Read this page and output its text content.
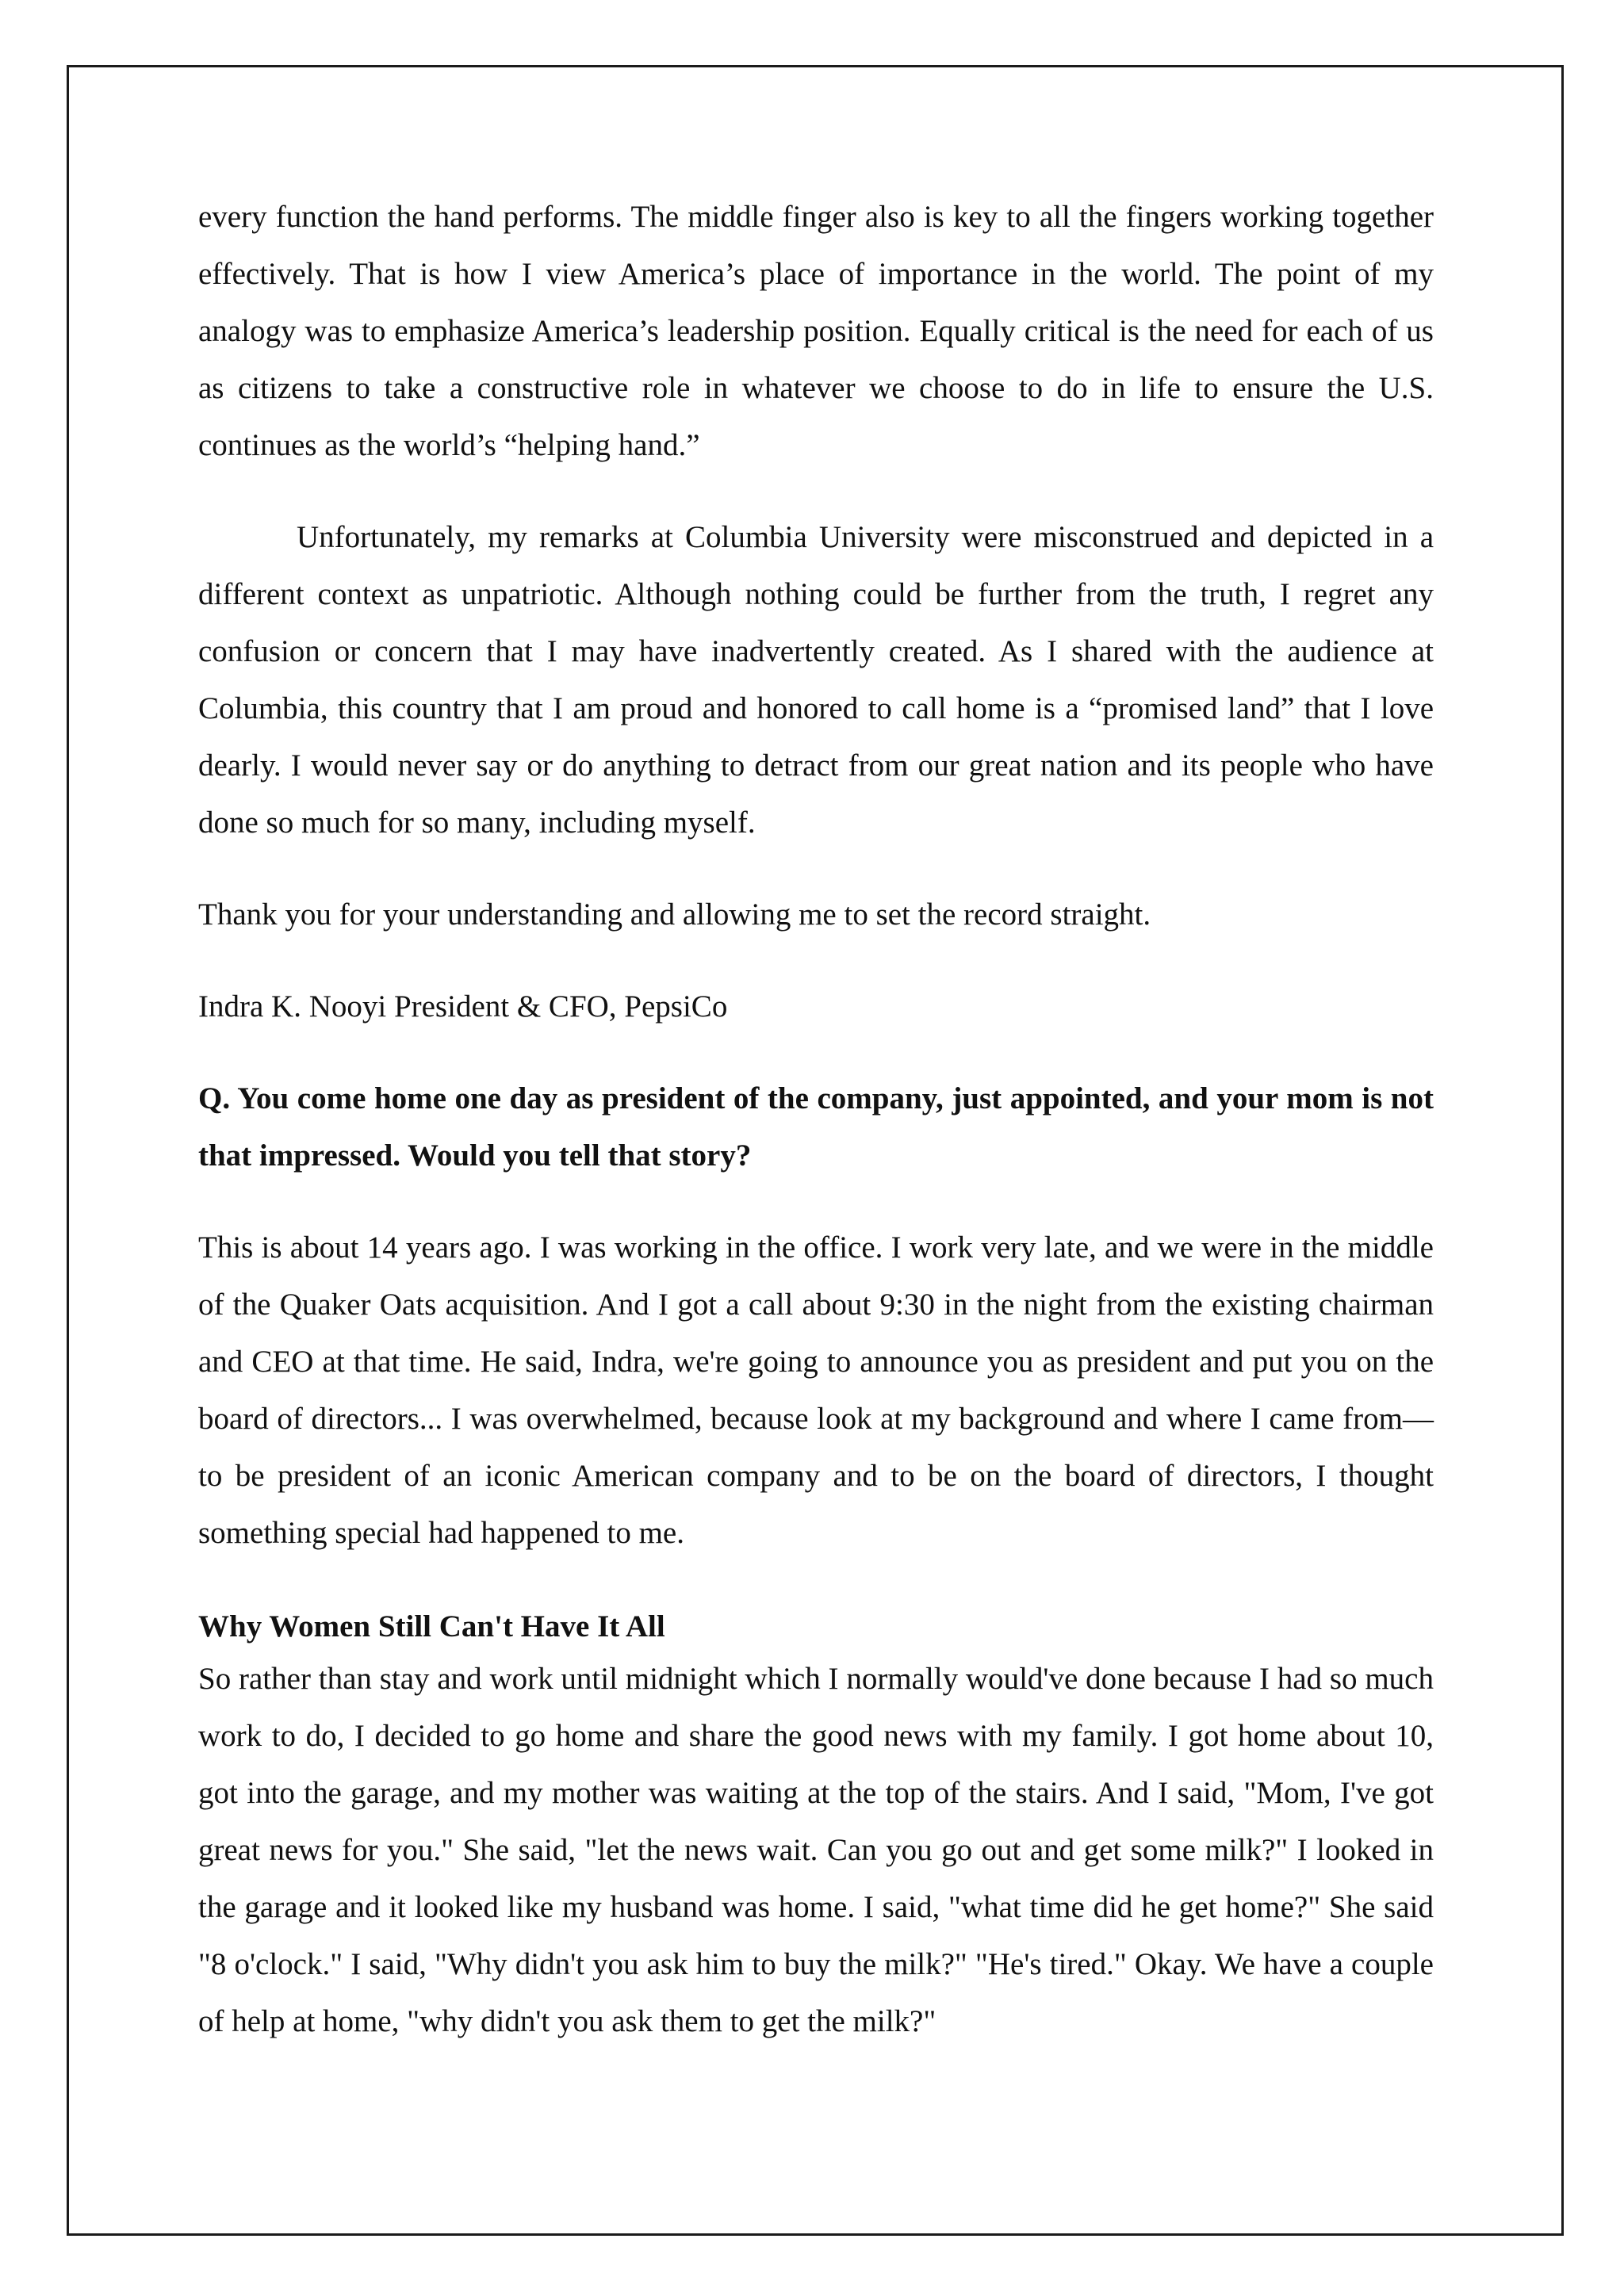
every function the hand performs. The middle finger also is key to all the fingers working together effectively. That is how I view America’s place of importance in the world. The point of my analogy was to emphasize America’s leadership position. Equally critical is the need for each of us as citizens to take a constructive role in whatever we choose to do in life to ensure the U.S. continues as the world’s “helping hand.”

Unfortunately, my remarks at Columbia University were misconstrued and depicted in a different context as unpatriotic. Although nothing could be further from the truth, I regret any confusion or concern that I may have inadvertently created. As I shared with the audience at Columbia, this country that I am proud and honored to call home is a “promised land” that I love dearly. I would never say or do anything to detract from our great nation and its people who have done so much for so many, including myself.

Thank you for your understanding and allowing me to set the record straight.

Indra K. Nooyi President & CFO, PepsiCo

Q. You come home one day as president of the company, just appointed, and your mom is not that impressed. Would you tell that story?

This is about 14 years ago. I was working in the office. I work very late, and we were in the middle of the Quaker Oats acquisition. And I got a call about 9:30 in the night from the existing chairman and CEO at that time. He said, Indra, we're going to announce you as president and put you on the board of directors... I was overwhelmed, because look at my background and where I came from—to be president of an iconic American company and to be on the board of directors, I thought something special had happened to me.

Why Women Still Can't Have It All

So rather than stay and work until midnight which I normally would've done because I had so much work to do, I decided to go home and share the good news with my family. I got home about 10, got into the garage, and my mother was waiting at the top of the stairs. And I said, "Mom, I've got great news for you." She said, "let the news wait. Can you go out and get some milk?" I looked in the garage and it looked like my husband was home. I said, "what time did he get home?" She said "8 o'clock." I said, "Why didn't you ask him to buy the milk?" "He's tired." Okay. We have a couple of help at home, "why didn't you ask them to get the milk?"
